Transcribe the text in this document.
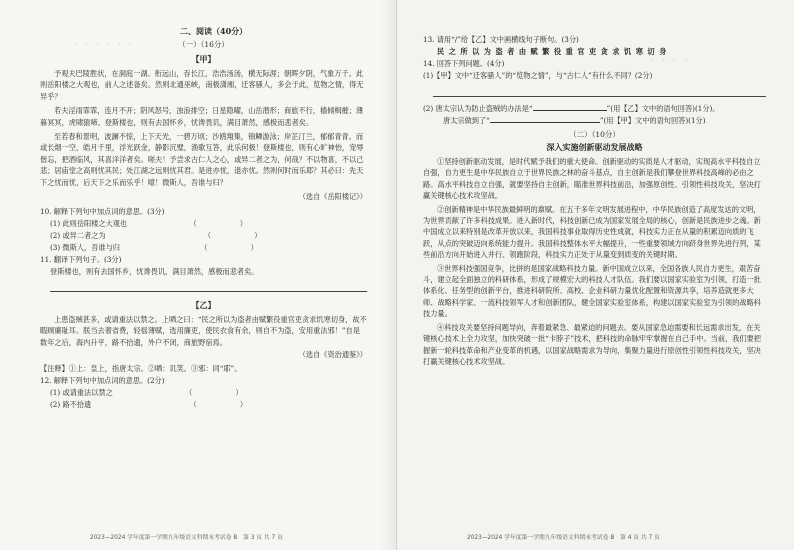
・・・・・・
二、阅读（40分）
（一）（16分）
【甲】

予观夫巴陵胜状，在洞庭一湖。衔远山，吞长江，浩浩汤汤，横无际涯；朝晖夕阴，气象万千。此则岳阳楼之大观也，前人之述备矣。然则北通巫峡，南极潇湘，迁客骚人，多会于此，览物之情，得无异乎？

若夫淫雨霏霏，连月不开；阴风怒号，浊浪排空；日星隐曜，山岳潜形；商旅不行，樯倾楫摧；薄暮冥冥，虎啸猿啼。登斯楼也，则有去国怀乡，忧谗畏讥，满目萧然，感极而悲者矣。

至若春和景明，波澜不惊，上下天光，一碧万顷；沙鸥翔集，锦鳞游泳；岸芷汀兰，郁郁青青。而或长烟一空，皓月千里，浮光跃金，静影沉璧，渔歌互答，此乐何极！登斯楼也，则有心旷神怡，宠辱偕忘，把酒临风，其喜洋洋者矣。嗟夫！予尝求古仁人之心，或异二者之为，何哉？不以物喜，不以己悲；居庙堂之高则忧其民；处江湖之远则忧其君。是进亦忧，退亦忧。然则何时而乐耶？其必曰：先天下之忧而忧，后天下之乐而乐乎！噫！微斯人，吾谁与归？

（选自《岳阳楼记》）
10. 解释下列句中加点词的意思。(3分)
(1) 此则岳阳楼之大观也	（　　　　　　）
(2) 或异二者之为	（　　　　　　）
(3) 微斯人，吾谁与归	（　　　　　　）
11. 翻译下列句子。(3分)
登斯楼也，则有去国怀乡，忧谗畏讥，满目萧然，感极而悲者矣。
【乙】

上患盗贼甚多，或请重法以禁之。上哂之曰：“民之所以为盗者由赋繁役重官吏贪求饥寒切身，故不暇顾廉耻耳。朕当去奢省费，轻徭薄赋，选用廉吏，使民衣食有余，则自不为盗，安用重法邪！”自是数年之后，海内升平，路不拾遗，外户不闭，商旅野宿焉。

（选自《资治通鉴》）
【注释】①上：皇上，指唐太宗。②哂：讥笑。③邪：同“耶”。
12. 解释下列句中加点词的意思。(2分)
(1) 或请重法以禁之	（　　　　　　）
(2) 路不拾遗	（　　　　　　）
2023—2024 学年度第一学期九年级语文科期末考试卷 B　第 3 页 共 7 页
・・・・
13. 请用“/”给【乙】文中画横线句子断句。(3分)
民 之 所 以 为 盗 者 由 赋 繁 役 重 官 吏 贪 求 饥 寒 切 身
14. 回答下列问题。(4分)
(1)【甲】文中“迁客骚人”的“览物之情”，与“古仁人”有什么不同？(2分)
(2) 唐太宗认为防止盗贼的办法是“	”(用【乙】文中的语句回答)(1分)。
唐太宗做到了“	”(用【甲】文中的语句回答)(1分)
（二）（10分）
深入实施创新驱动发展战略

①坚持创新驱动发展，是时代赋予我们的重大使命。创新驱动的实质是人才驱动，实现高水平科技自立自强，自力更生是中华民族自立于世界民族之林的奋斗基点，自主创新是我们攀登世界科技高峰的必由之路。高水平科技自立自强，就要坚持自主创新，瞄准世界科技前沿，加强原创性、引领性科技攻关，坚决打赢关键核心技术攻坚战。

②创新精神是中华民族最鲜明的禀赋。在五千多年文明发展进程中，中华民族创造了高度发达的文明，为世界贡献了许多科技成果。进入新时代，科技创新已成为国家发展全局的核心，创新是民族进步之魂。新中国成立以来特别是改革开放以来，我国科技事业取得历史性成就，科技实力正在从量的积累迈向质的飞跃，从点的突破迈向系统能力提升。我国科技整体水平大幅提升，一些重要领域方向跻身世界先进行列，某些前沿方向开始进入并行、领跑阶段，科技实力正处于从量变到质变的关键时期。

③世界科技强国竞争，比拼的是国家战略科技力量。新中国成立以来，全国各族人民自力更生，艰苦奋斗，建立起全面独立的科研体系，形成了规模宏大的科技人才队伍。我们要以国家实验室为引领，打造一批体系化、任务型的创新平台，推进科研院所、高校、企业科研力量优化配置和资源共享，培养造就更多大师、战略科学家、一流科技领军人才和创新团队，健全国家实验室体系，构建以国家实验室为引领的战略科技力量。

④科技攻关要坚持问题导向，奔着最紧急、最紧迫的问题去。要从国家急迫需要和长远需求出发，在关键核心技术上全力攻坚，加快突破一批“卡脖子”技术，把科技的命脉牢牢掌握在自己手中。当前，我们要把握新一轮科技革命和产业变革的机遇，以国家战略需求为导向，集聚力量进行原创性引领性科技攻关，坚决打赢关键核心技术攻坚战。

2023—2024 学年度第一学期九年级语文科期末考试卷 B　第 4 页 共 7 页
